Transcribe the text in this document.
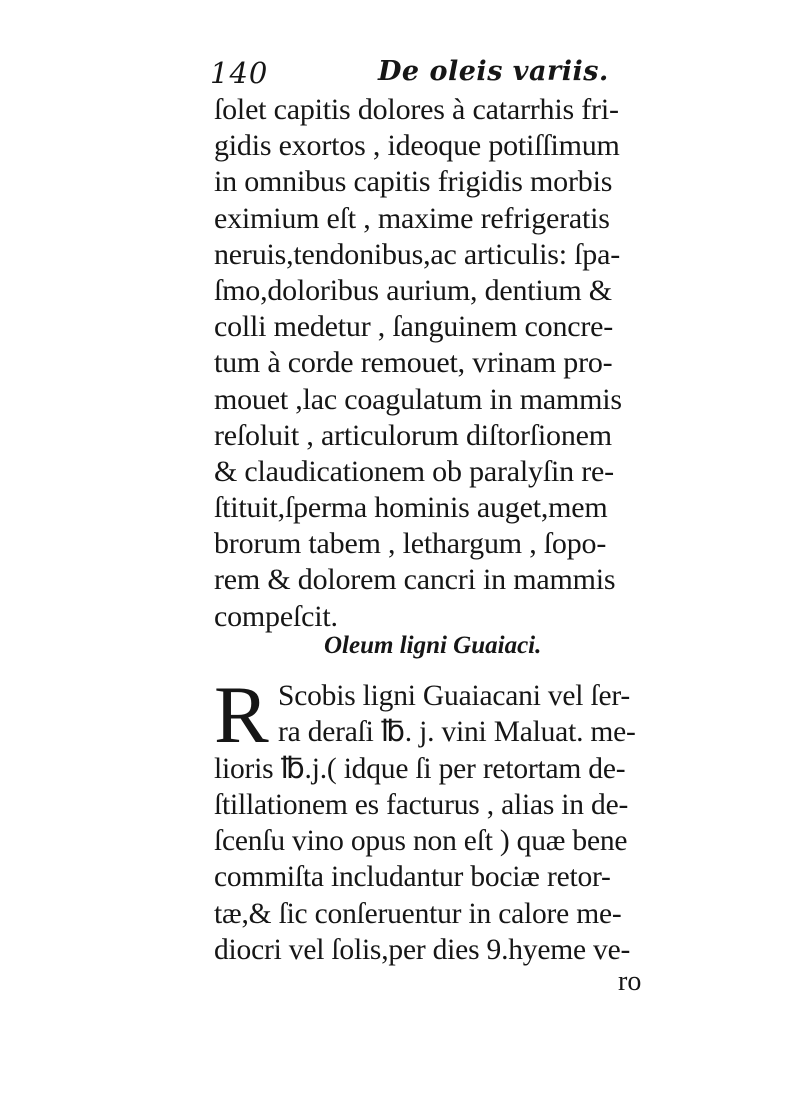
140	De oleis variis.
ſolet capitis dolores à catarrhis fri-
gidis exortos , ideoque potiſſimum
in omnibus capitis frigidis morbis
eximium eſt , maxime refrigeratis
neruis,tendonibus,ac articulis: ſpa-
ſmo,doloribus aurium, dentium &
colli medetur , ſanguinem concre-
tum à corde remouet, vrinam pro-
mouet ,lac coagulatum in mammis
reſoluit , articulorum diſtorſionem
& claudicationem ob paralyſin re-
ſtituit,ſperma hominis auget,mem
brorum tabem , lethargum , ſopo-
rem & dolorem cancri in mammis
compeſcit.
Oleum ligni Guaiaci.
R Scobis ligni Guaiacani vel ſer-
ra deraſi ℔. j. vini Maluat. me-
lioris ℔.j.( idque ſi per retortam de-
ſtillationem es facturus , alias in de-
ſcenſu vino opus non eſt ) quæ bene
commiſta includantur bociæ retor-
tæ,& ſic conſeruentur in calore me-
diocri vel ſolis,per dies 9.hyeme ve-
ro
